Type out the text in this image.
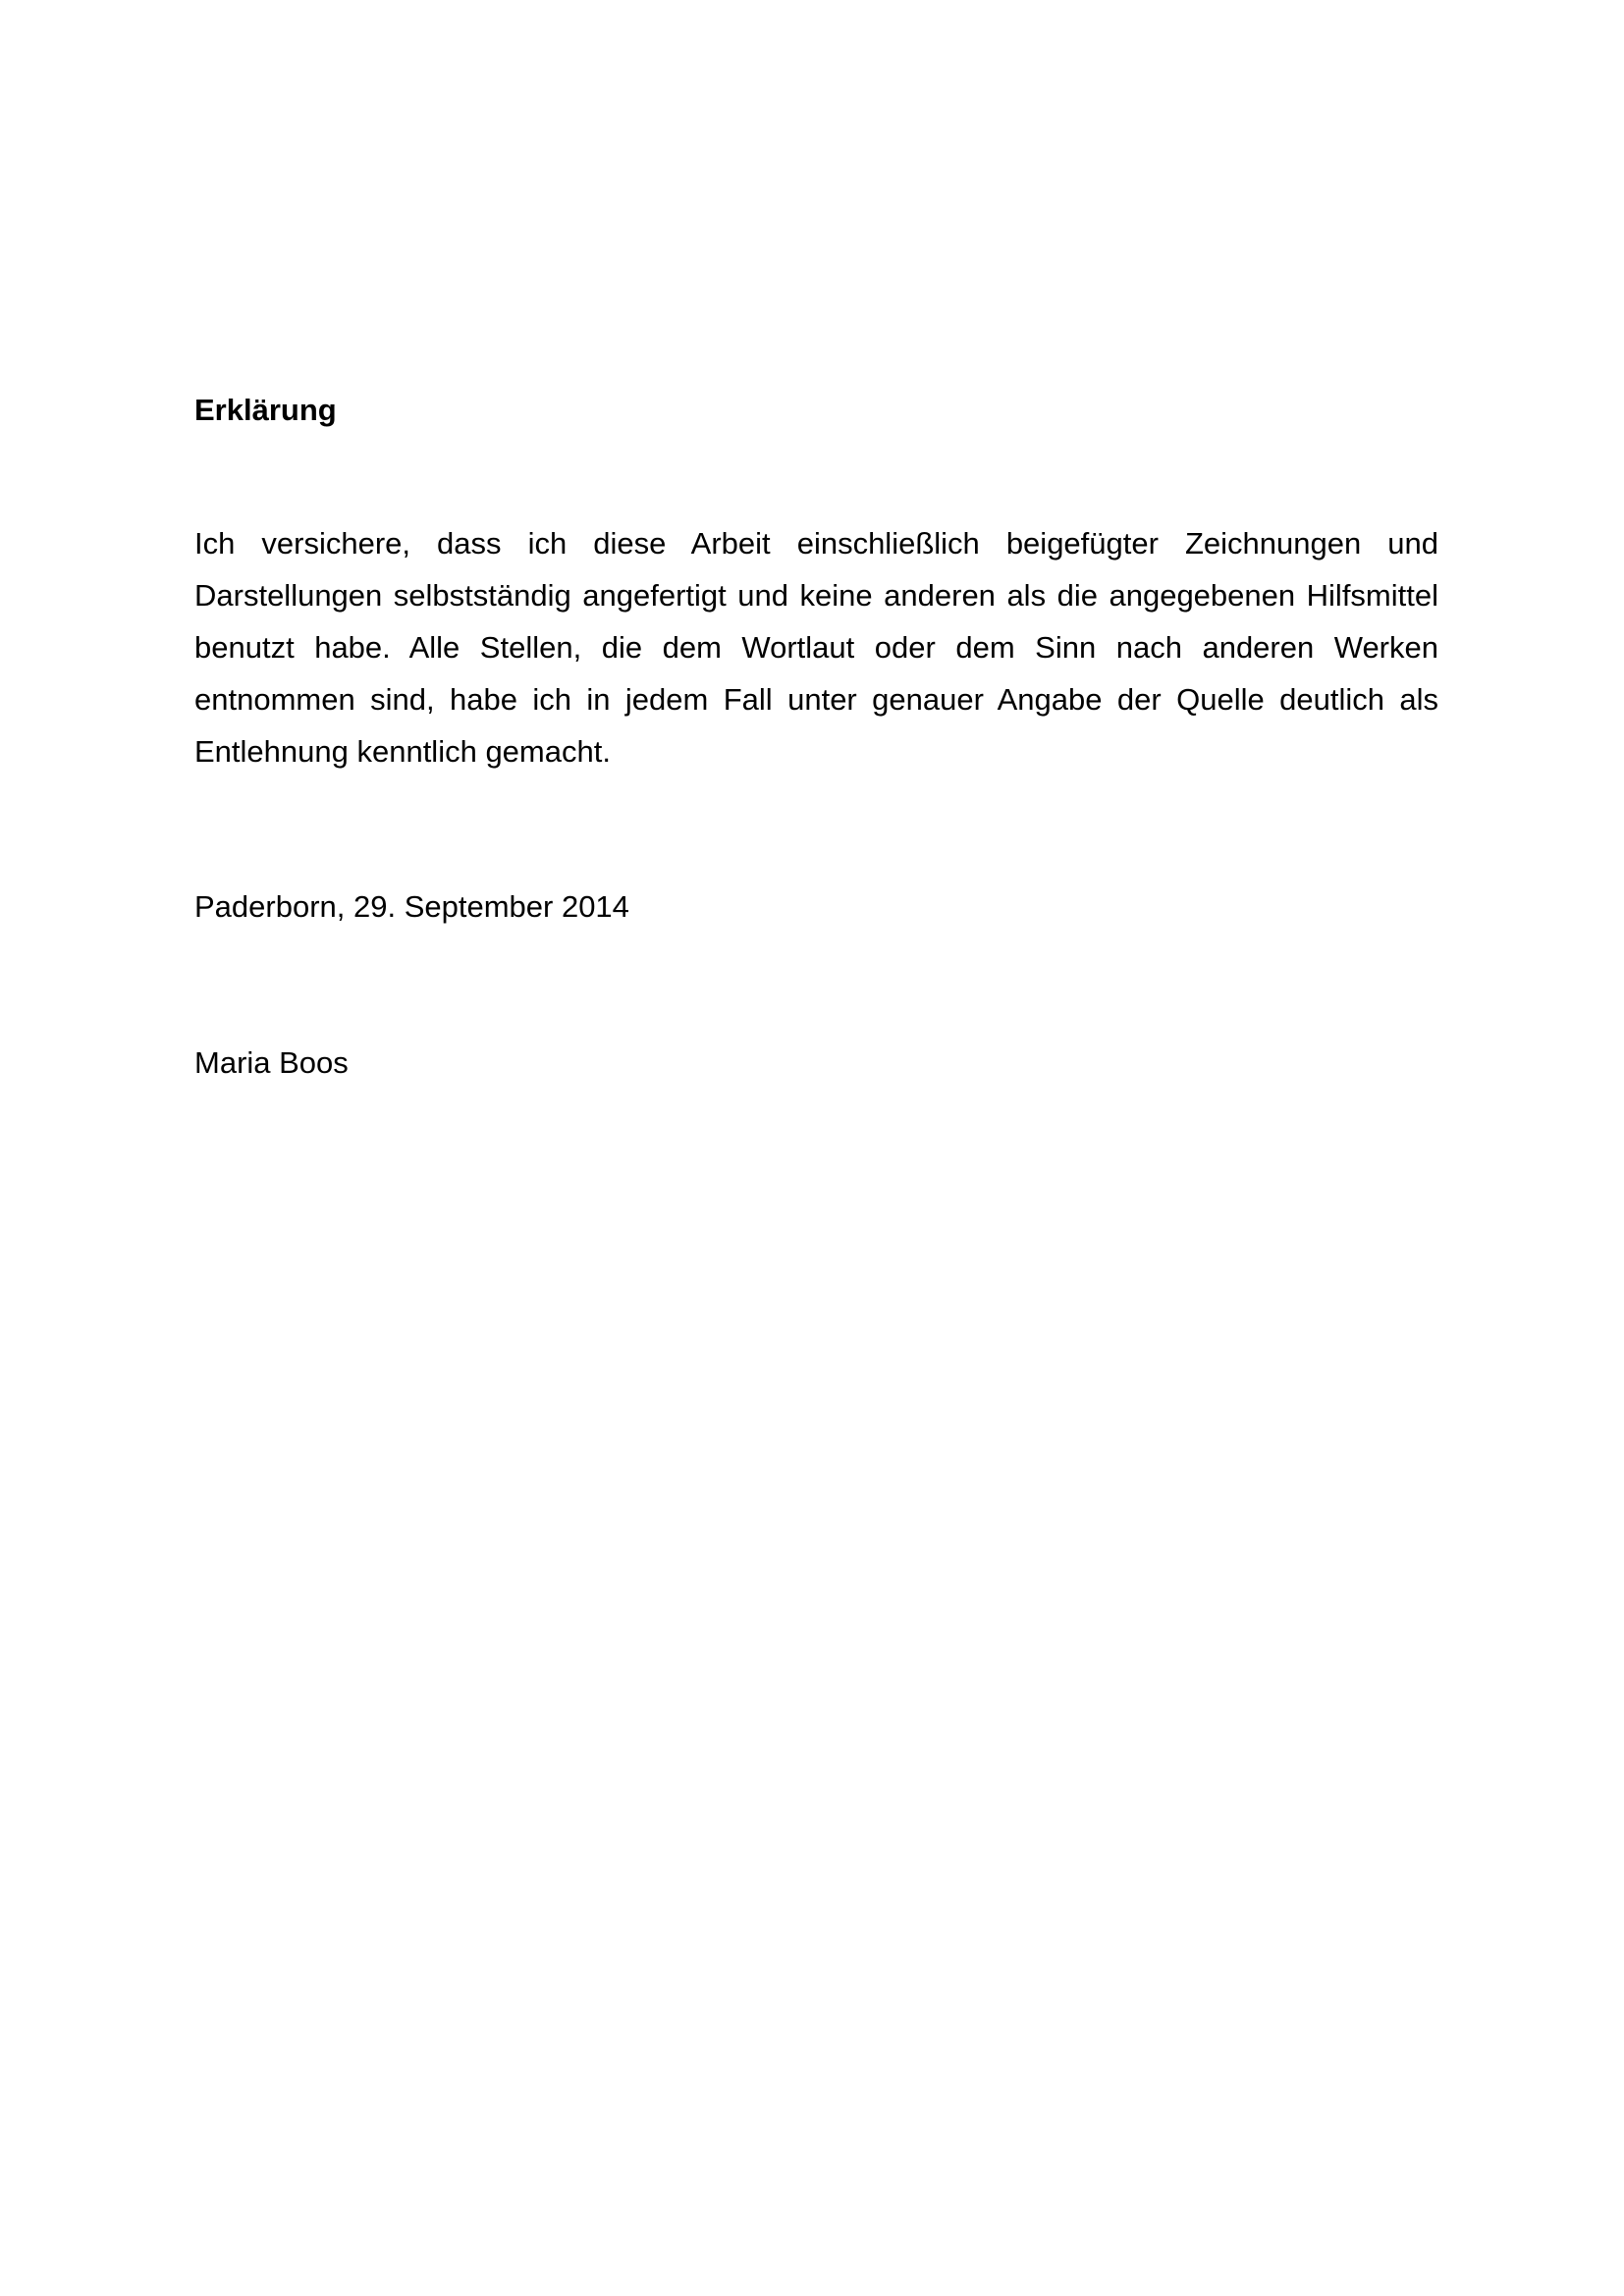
Erklärung

Ich versichere, dass ich diese Arbeit einschließlich beigefügter Zeichnungen und Darstellungen selbstständig angefertigt und keine anderen als die angegebenen Hilfsmittel benutzt habe. Alle Stellen, die dem Wortlaut oder dem Sinn nach anderen Werken entnommen sind, habe ich in jedem Fall unter genauer Angabe der Quelle deutlich als Entlehnung kenntlich gemacht.

Paderborn, 29. September 2014

Maria Boos
